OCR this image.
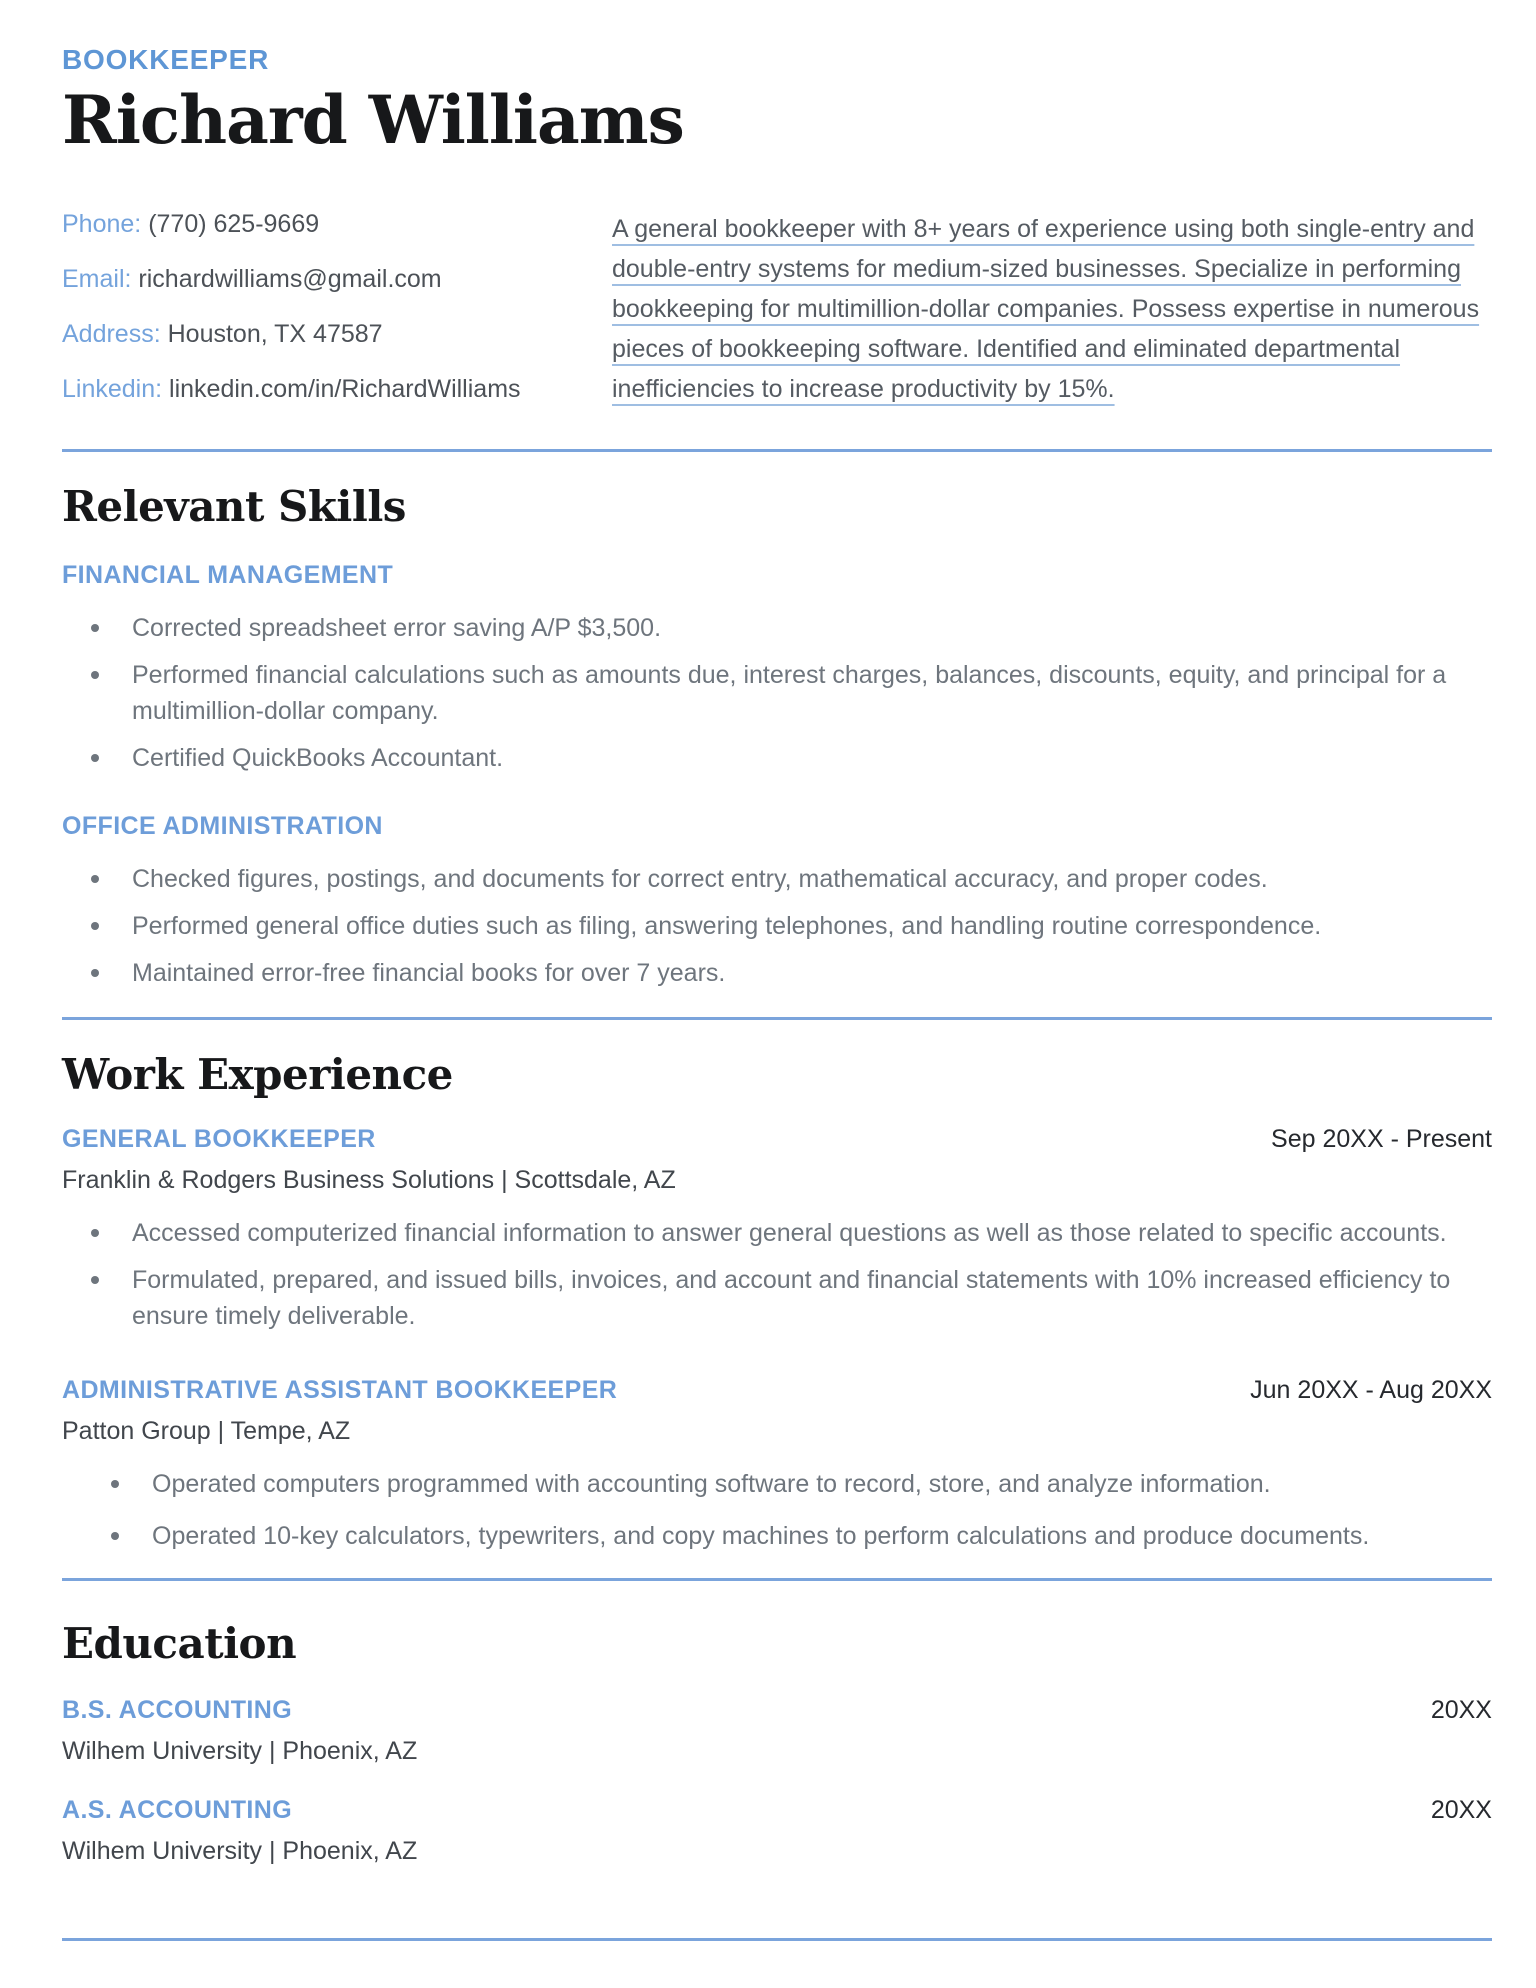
BOOKKEEPER
Richard Williams
Phone: (770) 625-9669
Email: richardwilliams@gmail.com
Address: Houston, TX 47587
Linkedin: linkedin.com/in/RichardWilliams

A general bookkeeper with 8+ years of experience using both single-entry and double-entry systems for medium-sized businesses. Specialize in performing bookkeeping for multimillion-dollar companies. Possess expertise in numerous pieces of bookkeeping software. Identified and eliminated departmental inefficiencies to increase productivity by 15%.

Relevant Skills
FINANCIAL MANAGEMENT
Corrected spreadsheet error saving A/P $3,500.
Performed financial calculations such as amounts due, interest charges, balances, discounts, equity, and principal for a multimillion-dollar company.
Certified QuickBooks Accountant.
OFFICE ADMINISTRATION
Checked figures, postings, and documents for correct entry, mathematical accuracy, and proper codes.
Performed general office duties such as filing, answering telephones, and handling routine correspondence.
Maintained error-free financial books for over 7 years.
Work Experience
GENERAL BOOKKEEPER	Sep 20XX - Present
Franklin & Rodgers Business Solutions | Scottsdale, AZ
Accessed computerized financial information to answer general questions as well as those related to specific accounts.
Formulated, prepared, and issued bills, invoices, and account and financial statements with 10% increased efficiency to ensure timely deliverable.
ADMINISTRATIVE ASSISTANT BOOKKEEPER	Jun 20XX - Aug 20XX
Patton Group | Tempe, AZ
Operated computers programmed with accounting software to record, store, and analyze information.
Operated 10-key calculators, typewriters, and copy machines to perform calculations and produce documents.
Education
B.S. ACCOUNTING	20XX
Wilhem University | Phoenix, AZ
A.S. ACCOUNTING	20XX
Wilhem University | Phoenix, AZ
